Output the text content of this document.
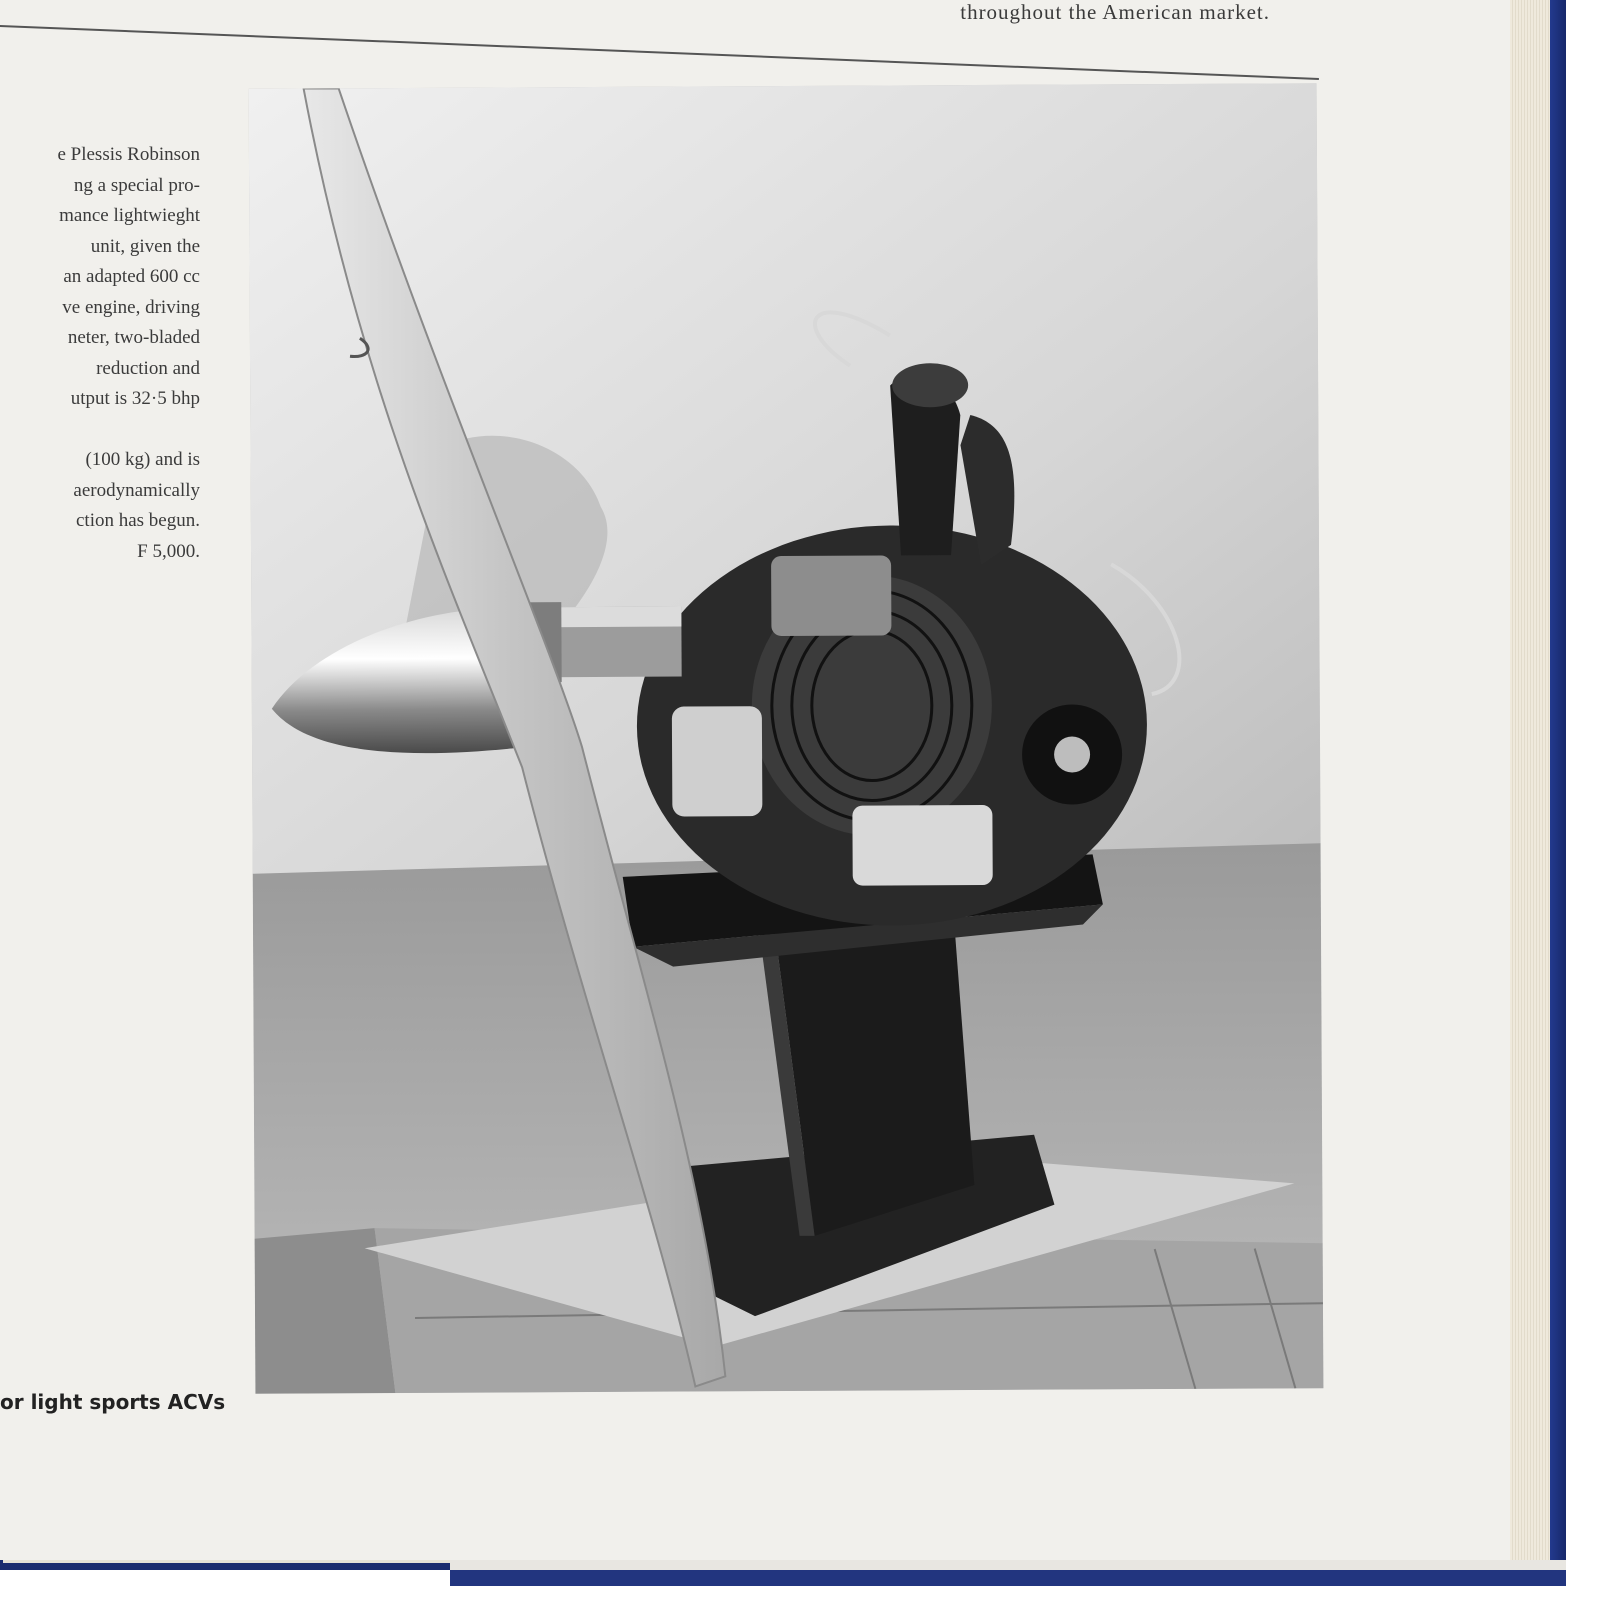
throughout the American market.

e Plessis Robinson
ng a special pro-
mance lightwieght
unit, given the
an adapted 600 cc
ve engine, driving
neter, two-bladed
reduction and
utput is 32·5 bhp

(100 kg) and is
aerodynamically
ction has begun.
F 5,000.

or light sports ACVs
